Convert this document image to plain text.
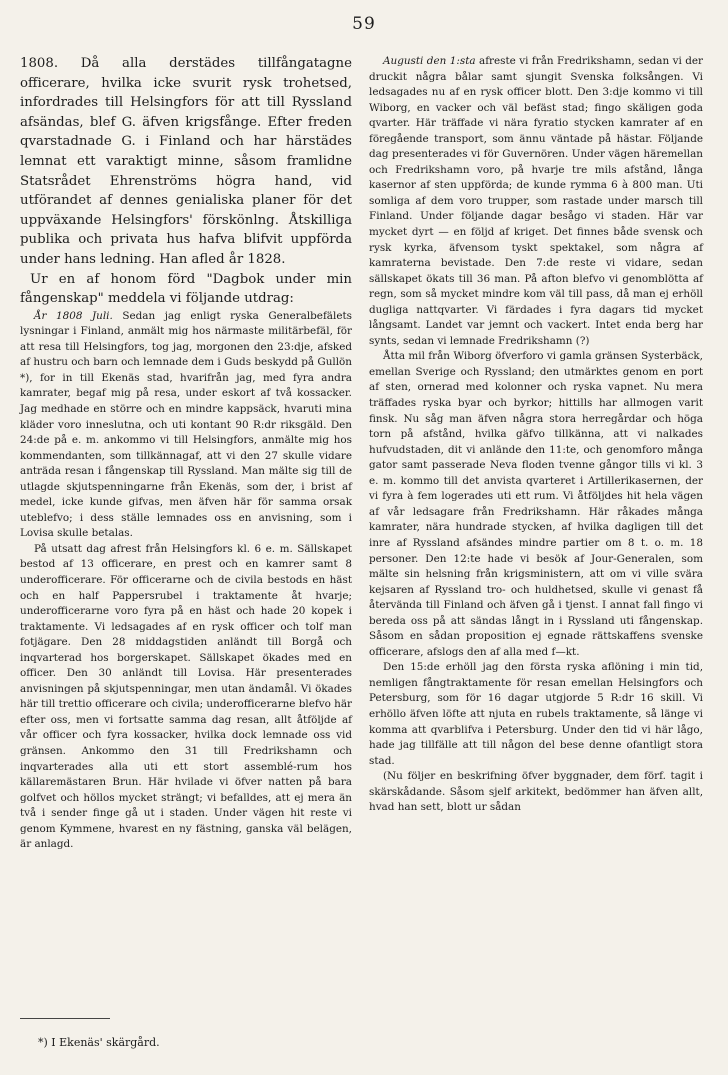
59

1808. Då alla derstädes tillfångatagne officerare, hvilka icke svurit rysk trohetsed, infordrades till Helsingfors för att till Ryssland afsändas, blef G. äfven krigsfånge. Efter freden qvarstadnade G. i Finland och har härstädes lemnat ett varaktigt minne, såsom framlidne Statsrådet Ehrenströms högra hand, vid utförandet af dennes genialiska planer för det uppväxande Helsingfors' förskönlng. Åtskilliga publika och privata hus hafva blifvit uppförda under hans ledning. Han afled år 1828.

Ur en af honom förd "Dagbok under min fångenskap" meddela vi följande utdrag:

År 1808 Juli. Sedan jag enligt ryska Generalbefälets lysningar i Finland, anmält mig hos närmaste militärbefäl, för att resa till Helsingfors, tog jag, morgonen den 23:dje, afsked af hustru och barn och lemnade dem i Guds beskydd på Gullön *), for in till Ekenäs stad, hvarifrån jag, med fyra andra kamrater, begaf mig på resa, under eskort af två kossacker. Jag medhade en större och en mindre kappsäck, hvaruti mina kläder voro inneslutna, och uti kontant 90 R:dr riksgäld. Den 24:de på e. m. ankommo vi till Helsingfors, anmälte mig hos kommendanten, som tillkännagaf, att vi den 27 skulle vidare anträda resan i fångenskap till Ryssland. Man mälte sig till de utlagde skjutspenningarne från Ekenäs, som der, i brist af medel, icke kunde gifvas, men äfven här för samma orsak uteblefvo; i dess ställe lemnades oss en anvisning, som i Lovisa skulle betalas.

På utsatt dag afrest från Helsingfors kl. 6 e. m. Sällskapet bestod af 13 officerare, en prest och en kamrer samt 8 underofficerare. För officerarne och de civila bestods en häst och en half Pappersrubel i traktamente åt hvarje; underofficerarne voro fyra på en häst och hade 20 kopek i traktamente. Vi ledsagades af en rysk officer och tolf man fotjägare. Den 28 middagstiden anländt till Borgå och inqvarterad hos borgerskapet. Sällskapet ökades med en officer. Den 30 anländt till Lovisa. Här presenterades anvisningen på skjutspenningar, men utan ändamål. Vi ökades här till trettio officerare och civila; underofficerarne blefvo här efter oss, men vi fortsatte samma dag resan, allt åtföljde af vår officer och fyra kossacker, hvilka dock lemnade oss vid gränsen. Ankommo den 31 till Fredrikshamn och inqvarterades alla uti ett stort assemblé-rum hos källaremästaren Brun. Här hvilade vi öfver natten på bara golfvet och höllos mycket strängt; vi befalldes, att ej mera än två i sender finge gå ut i staden. Under vägen hit reste vi genom Kymmene, hvarest en ny fästning, ganska väl belägen, är anlagd.

Augusti den 1:sta afreste vi från Fredrikshamn, sedan vi der druckit några bålar samt sjungit Svenska folksången. Vi ledsagades nu af en rysk officer blott. Den 3:dje kommo vi till Wiborg, en vacker och väl befäst stad; fingo skäligen goda qvarter. Här träffade vi nära fyratio stycken kamrater af en föregående transport, som ännu väntade på hästar. Följande dag presenterades vi för Guvernören. Under vägen häremellan och Fredrikshamn voro, på hvarje tre mils afstånd, långa kasernor af sten uppförda; de kunde rymma 6 à 800 man. Uti somliga af dem voro trupper, som rastade under marsch till Finland. Under följande dagar besågo vi staden. Här var mycket dyrt — en följd af kriget. Det finnes både svensk och rysk kyrka, äfvensom tyskt spektakel, som några af kamraterna bevistade. Den 7:de reste vi vidare, sedan sällskapet ökats till 36 man. På afton blefvo vi genomblötta af regn, som så mycket mindre kom väl till pass, då man ej erhöll dugliga nattqvarter. Vi färdades i fyra dagars tid mycket långsamt. Landet var jemnt och vackert. Intet enda berg har synts, sedan vi lemnade Fredrikshamn (?)

Åtta mil från Wiborg öfverforo vi gamla gränsen Systerbäck, emellan Sverige och Ryssland; den utmärktes genom en port af sten, ornerad med kolonner och ryska vapnet. Nu mera träffades ryska byar och byrkor; hittills har allmogen varit finsk. Nu såg man äfven några stora herregårdar och höga torn på afstånd, hvilka gäfvo tillkänna, att vi nalkades hufvudstaden, dit vi anlände den 11:te, och genomforo många gator samt passerade Neva floden tvenne gångor tills vi kl. 3 e. m. kommo till det anvista qvarteret i Artillerikasernen, der vi fyra à fem logerades uti ett rum. Vi åtföljdes hit hela vägen af vår ledsagare från Fredrikshamn. Här råkades många kamrater, nära hundrade stycken, af hvilka dagligen till det inre af Ryssland afsändes mindre partier om 8 t. o. m. 18 personer. Den 12:te hade vi besök af Jour-Generalen, som mälte sin helsning från krigsministern, att om vi ville svära kejsaren af Ryssland tro- och huldhetsed, skulle vi genast få återvända till Finland och äfven gå i tjenst. I annat fall fingo vi bereda oss på att sändas långt in i Ryssland uti fångenskap. Såsom en sådan proposition ej egnade rättskaffens svenske officerare, afslogs den af alla med f—kt.

Den 15:de erhöll jag den första ryska aflöning i min tid, nemligen fångtraktamente för resan emellan Helsingfors och Petersburg, som för 16 dagar utgjorde 5 R:dr 16 skill. Vi erhöllo äfven löfte att njuta en rubels traktamente, så länge vi komma att qvarblifva i Petersburg. Under den tid vi här lågo, hade jag tillfälle att till någon del bese denne ofantligt stora stad.

(Nu följer en beskrifning öfver byggnader, dem förf. tagit i skärskådande. Såsom sjelf arkitekt, bedömmer han äfven allt, hvad han sett, blott ur sådan

*) I Ekenäs' skärgård.
